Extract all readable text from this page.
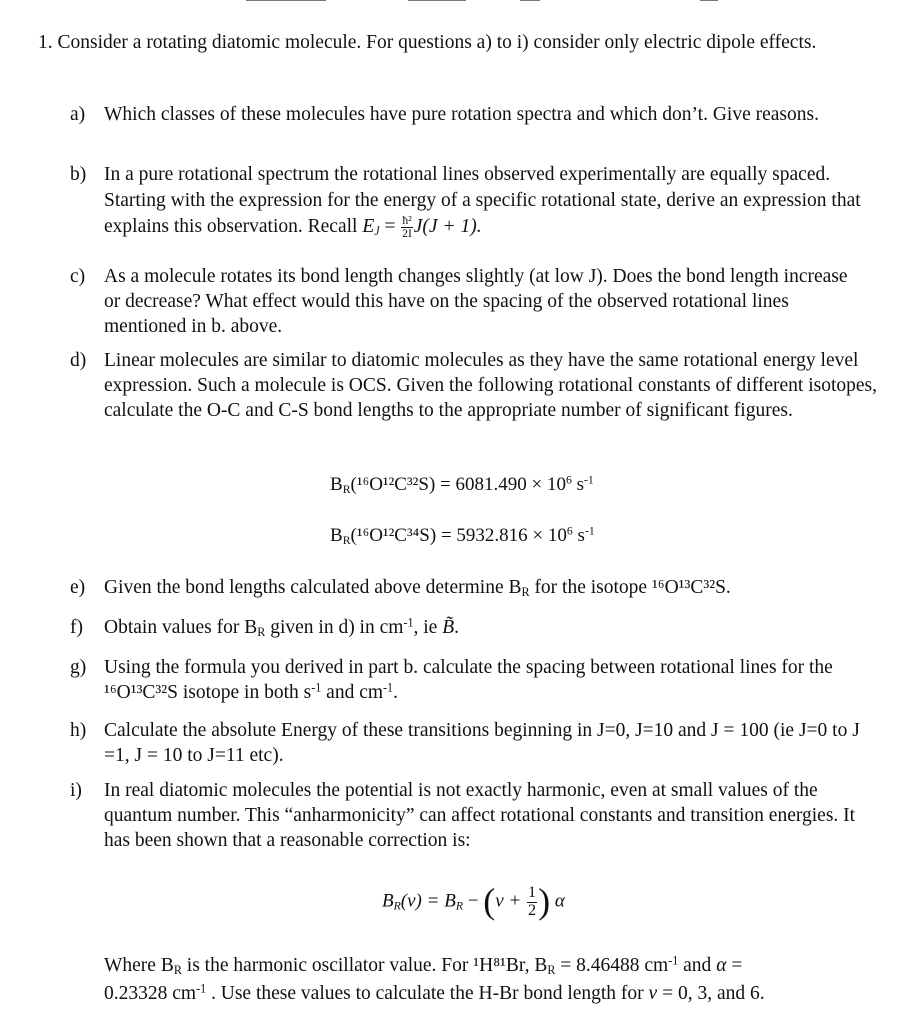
1. Consider a rotating diatomic molecule. For questions a) to i) consider only electric dipole effects.
a) Which classes of these molecules have pure rotation spectra and which don’t. Give reasons.
b) In a pure rotational spectrum the rotational lines observed experimentally are equally spaced. Starting with the expression for the energy of a specific rotational state, derive an expression that explains this observation. Recall $E_J = \frac{\text{ħ²}}{2I} J(J + 1)$.
c) As a molecule rotates its bond length changes slightly (at low J). Does the bond length increase or decrease? What effect would this have on the spacing of the observed rotational lines mentioned in b. above.
d) Linear molecules are similar to diatomic molecules as they have the same rotational energy level expression. Such a molecule is OCS. Given the following rotational constants of different isotopes, calculate the O-C and C-S bond lengths to the appropriate number of significant figures.
$B_R(^{16}O^{12}C^{32}S) = 6081.490 \times 10^6$ $s^{-1}$
$B_R(^{16}O^{12}C^{34}S) = 5932.816 \times 10^6$ $s^{-1}$
e) Given the bond lengths calculated above determine $B_R$ for the isotope ¹⁶O¹³C³²S.
f)	Obtain values for $B_R$ given in d) in $cm^{-1}$, ie B̃.
g) Using the formula you derived in part b. calculate the spacing between rotational lines for the ¹⁶O¹³C³²S isotope in both $s^{-1}$ and $cm^{-1}$.
h) Calculate the absolute Energy of these transitions beginning in J=0, J=10 and J = 100 (ie J=0 to J =1, J = 10 to J=11 etc).
i)	In real diatomic molecules the potential is not exactly harmonic, even at small values of the quantum number. This “anharmonicity” can affect rotational constants and transition energies. It has been shown that a reasonable correction is:
$B_R(v) = B_R - (v + \frac{1}{2}$ ) α
Where $B_R$ is the harmonic oscillator value. For ¹H⁸¹Br, $B_R = 8.46488$ $cm^{-1}$ and α =
0.23328 $cm^{-1}$ . Use these values to calculate the H-Br bond length for v = 0, 3, and 6.
